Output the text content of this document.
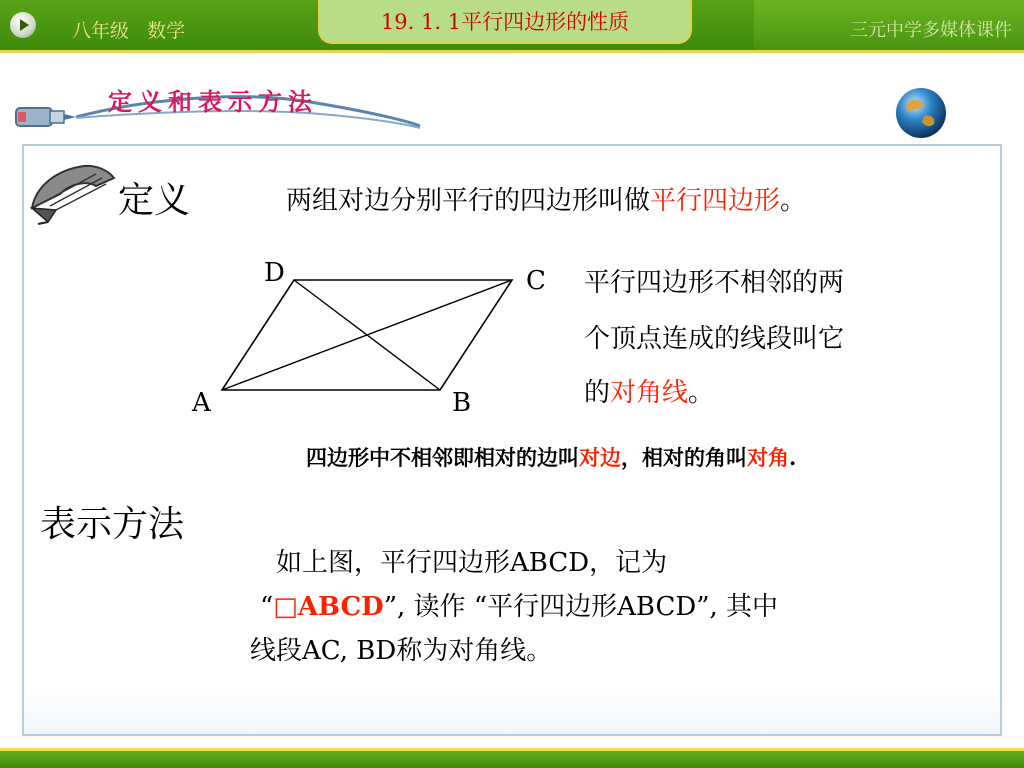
八年级   数学	19. 1. 1平行四边形的性质	三元中学多媒体课件
定义和表示方法
定义	两组对边分别平行的四边形叫做平行四边形。
D	C
A	B
平行四边形不相邻的两
个顶点连成的线段叫它
的对角线。
四边形中不相邻即相对的边叫对边，相对的角叫对角.
表示方法
如上图，平行四边形ABCD，记为
“□ABCD”, 读作 “平行四边形ABCD”, 其中
线段AC, BD称为对角线。
